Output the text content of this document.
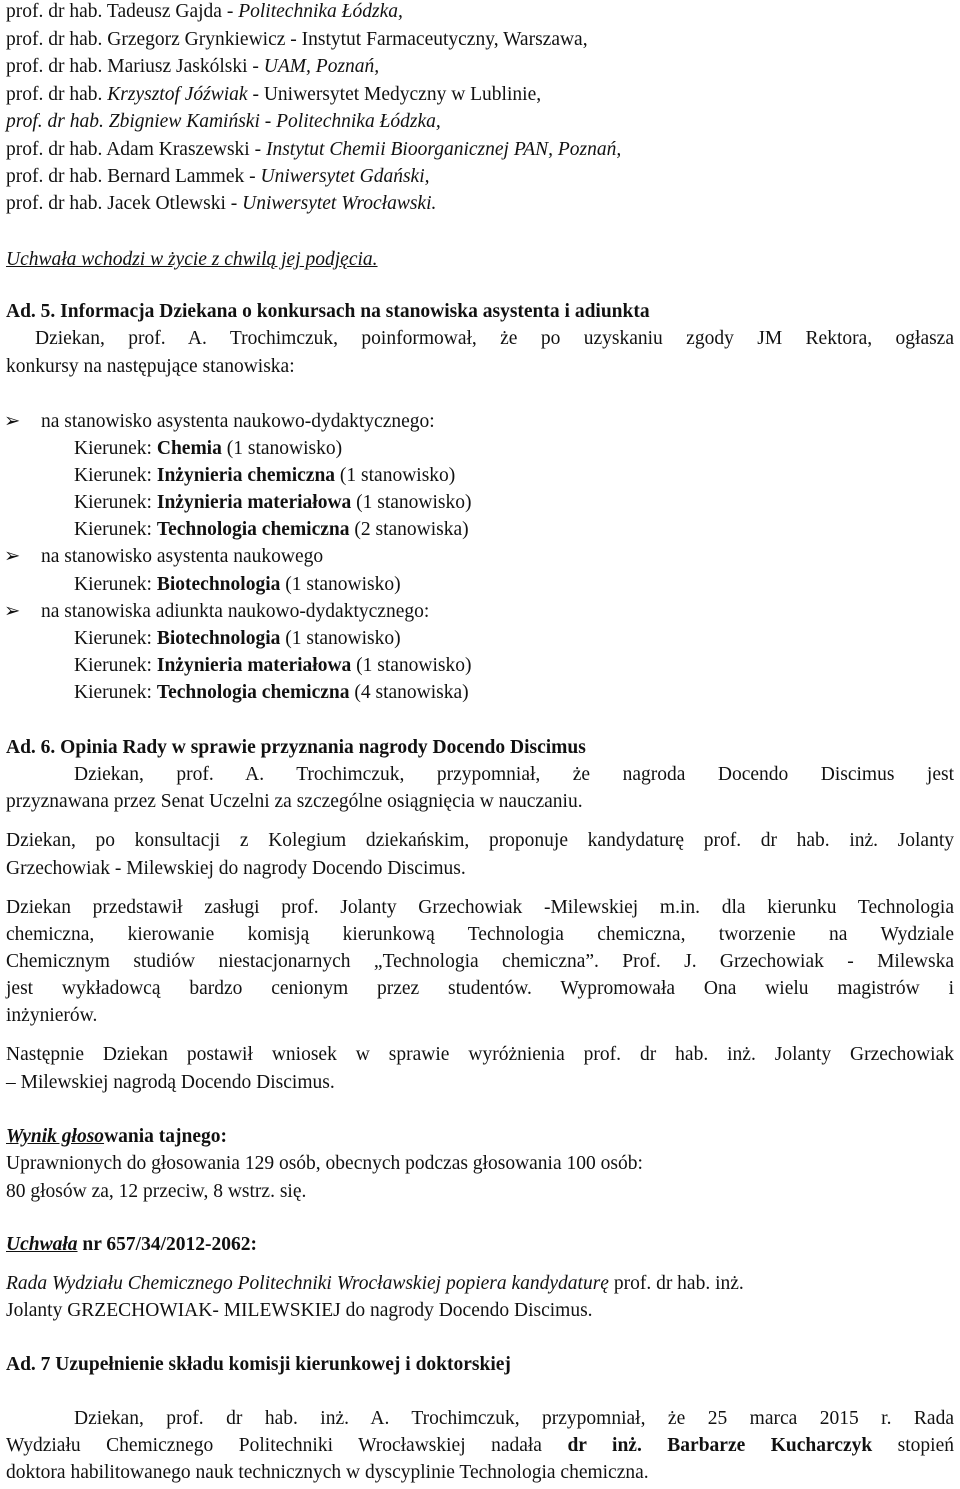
prof. dr hab. Tadeusz Gajda - Politechnika Łódzka,
prof. dr hab. Grzegorz Grynkiewicz - Instytut Farmaceutyczny, Warszawa,
prof. dr hab. Mariusz Jaskólski - UAM, Poznań,
prof. dr hab. Krzysztof Jóźwiak - Uniwersytet Medyczny w Lublinie,
prof. dr hab. Zbigniew Kamiński - Politechnika Łódzka,
prof. dr hab. Adam Kraszewski - Instytut Chemii Bioorganicznej PAN, Poznań,
prof. dr hab. Bernard Lammek - Uniwersytet Gdański,
prof. dr hab. Jacek Otlewski - Uniwersytet Wrocławski.
Uchwała wchodzi w życie z chwilą jej podjęcia.
Ad. 5. Informacja Dziekana o konkursach na stanowiska asystenta i adiunkta
Dziekan, prof. A. Trochimczuk, poinformował, że po uzyskaniu zgody JM Rektora, ogłasza
konkursy na następujące stanowiska:
➢ na stanowisko asystenta naukowo-dydaktycznego:
Kierunek: Chemia (1 stanowisko)
Kierunek: Inżynieria chemiczna (1 stanowisko)
Kierunek: Inżynieria materiałowa (1 stanowisko)
Kierunek: Technologia chemiczna (2 stanowiska)
➢ na stanowisko asystenta naukowego
Kierunek: Biotechnologia (1 stanowisko)
➢ na stanowiska adiunkta naukowo-dydaktycznego:
Kierunek: Biotechnologia (1 stanowisko)
Kierunek: Inżynieria materiałowa (1 stanowisko)
Kierunek: Technologia chemiczna (4 stanowiska)
Ad. 6. Opinia Rady w sprawie przyznania nagrody Docendo Discimus
Dziekan, prof. A. Trochimczuk, przypomniał, że nagroda Docendo Discimus jest
przyznawana przez Senat Uczelni za szczególne osiągnięcia w nauczaniu.
Dziekan, po konsultacji z Kolegium dziekańskim, proponuje kandydaturę prof. dr hab. inż. Jolanty
Grzechowiak - Milewskiej do nagrody Docendo Discimus.
Dziekan przedstawił zasługi prof. Jolanty Grzechowiak -Milewskiej m.in. dla kierunku Technologia
chemiczna, kierowanie komisją kierunkową Technologia chemiczna, tworzenie na Wydziale
Chemicznym studiów niestacjonarnych „Technologia chemiczna”. Prof. J. Grzechowiak - Milewska
jest wykładowcą bardzo cenionym przez studentów. Wypromowała Ona wielu magistrów i
inżynierów.
Następnie Dziekan postawił wniosek w sprawie wyróżnienia prof. dr hab. inż. Jolanty Grzechowiak
– Milewskiej nagrodą Docendo Discimus.
Wynik głosowania tajnego:
Uprawnionych do głosowania 129 osób, obecnych podczas głosowania 100 osób:
80 głosów za, 12 przeciw, 8 wstrz. się.
Uchwała nr 657/34/2012-2062:
Rada Wydziału Chemicznego Politechniki Wrocławskiej popiera kandydaturę prof. dr hab. inż.
Jolanty GRZECHOWIAK- MILEWSKIEJ do nagrody Docendo Discimus.
Ad. 7 Uzupełnienie składu komisji kierunkowej i doktorskiej
Dziekan, prof. dr hab. inż. A. Trochimczuk, przypomniał, że 25 marca 2015 r. Rada
Wydziału Chemicznego Politechniki Wrocławskiej nadała dr inż. Barbarze Kucharczyk stopień
doktora habilitowanego nauk technicznych w dyscyplinie Technologia chemiczna.
